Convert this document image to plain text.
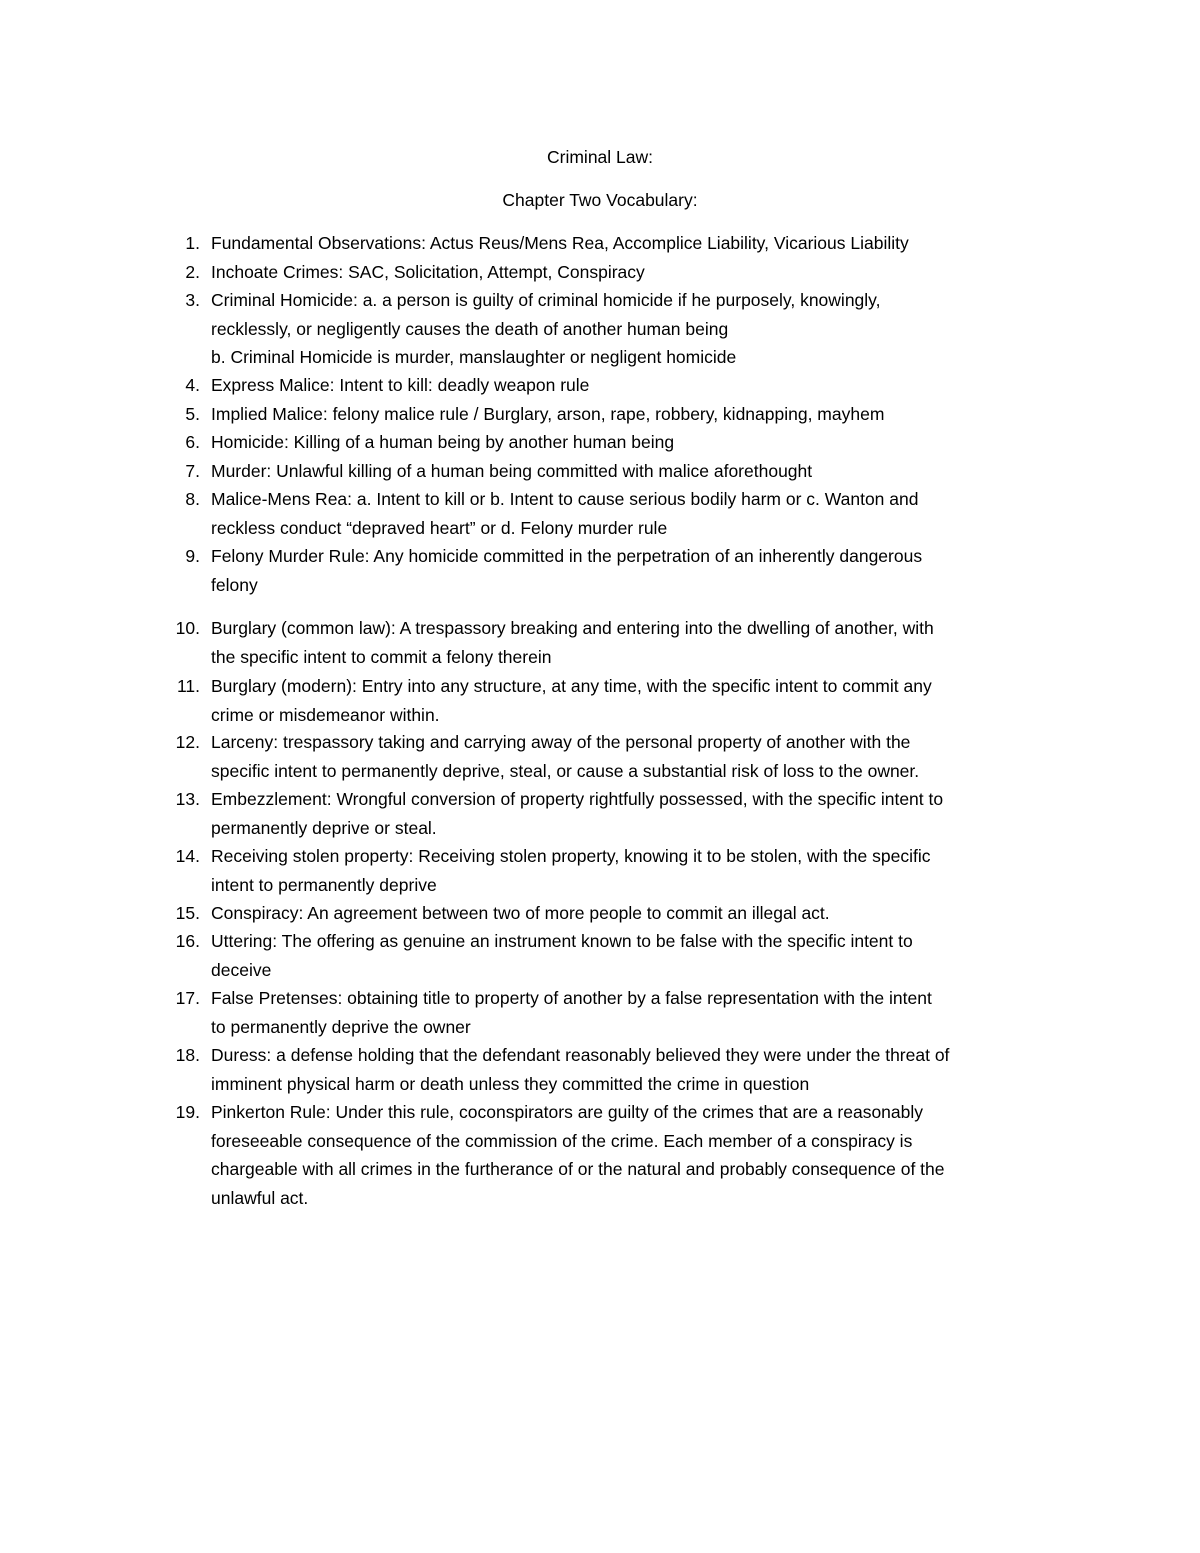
Criminal Law:
Chapter Two Vocabulary:
1. Fundamental Observations: Actus Reus/Mens Rea, Accomplice Liability, Vicarious Liability
2. Inchoate Crimes: SAC, Solicitation, Attempt, Conspiracy
3. Criminal Homicide: a. a person is guilty of criminal homicide if he purposely, knowingly,
recklessly, or negligently causes the death of another human being
b. Criminal Homicide is murder, manslaughter or negligent homicide
4. Express Malice: Intent to kill: deadly weapon rule
5. Implied Malice: felony malice rule / Burglary, arson, rape, robbery, kidnapping, mayhem
6. Homicide: Killing of a human being by another human being
7. Murder: Unlawful killing of a human being committed with malice aforethought
8. Malice-Mens Rea: a. Intent to kill or b. Intent to cause serious bodily harm or c. Wanton and
reckless conduct “depraved heart” or d. Felony murder rule
9. Felony Murder Rule: Any homicide committed in the perpetration of an inherently dangerous
felony
10. Burglary (common law): A trespassory breaking and entering into the dwelling of another, with
the specific intent to commit a felony therein
11. Burglary (modern): Entry into any structure, at any time, with the specific intent to commit any
crime or misdemeanor within.
12. Larceny: trespassory taking and carrying away of the personal property of another with the
specific intent to permanently deprive, steal, or cause a substantial risk of loss to the owner.
13. Embezzlement: Wrongful conversion of property rightfully possessed, with the specific intent to
permanently deprive or steal.
14. Receiving stolen property: Receiving stolen property, knowing it to be stolen, with the specific
intent to permanently deprive
15. Conspiracy: An agreement between two of more people to commit an illegal act.
16. Uttering: The offering as genuine an instrument known to be false with the specific intent to
deceive
17. False Pretenses: obtaining title to property of another by a false representation with the intent
to permanently deprive the owner
18. Duress: a defense holding that the defendant reasonably believed they were under the threat of
imminent physical harm or death unless they committed the crime in question
19. Pinkerton Rule: Under this rule, coconspirators are guilty of the crimes that are a reasonably
foreseeable consequence of the commission of the crime. Each member of a conspiracy is
chargeable with all crimes in the furtherance of or the natural and probably consequence of the
unlawful act.
